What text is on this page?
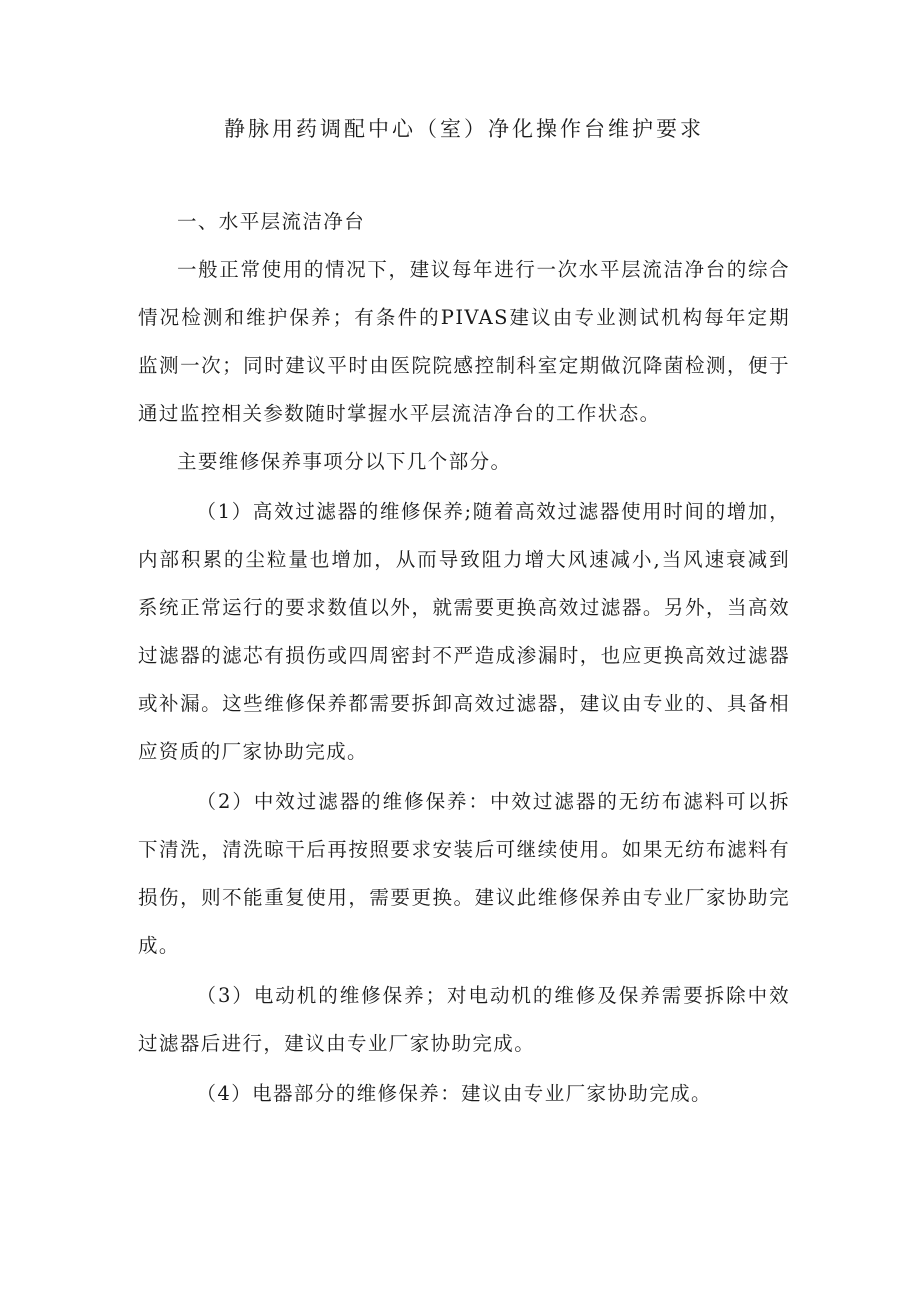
静脉用药调配中心（室）净化操作台维护要求

一、水平层流洁净台

一般正常使用的情况下，建议每年进行一次水平层流洁净台的综合情况检测和维护保养；有条件的PIVAS建议由专业测试机构每年定期监测一次；同时建议平时由医院院感控制科室定期做沉降菌检测，便于通过监控相关参数随时掌握水平层流洁净台的工作状态。

主要维修保养事项分以下几个部分。

（1）高效过滤器的维修保养;随着高效过滤器使用时间的增加，内部积累的尘粒量也增加，从而导致阻力增大风速减小,当风速衰减到系统正常运行的要求数值以外，就需要更换高效过滤器。另外，当高效过滤器的滤芯有损伤或四周密封不严造成渗漏时，也应更换高效过滤器或补漏。这些维修保养都需要拆卸高效过滤器，建议由专业的、具备相应资质的厂家协助完成。

（2）中效过滤器的维修保养：中效过滤器的无纺布滤料可以拆下清洗，清洗晾干后再按照要求安装后可继续使用。如果无纺布滤料有损伤，则不能重复使用，需要更换。建议此维修保养由专业厂家协助完成。

（3）电动机的维修保养；对电动机的维修及保养需要拆除中效过滤器后进行，建议由专业厂家协助完成。

（4）电器部分的维修保养：建议由专业厂家协助完成。
